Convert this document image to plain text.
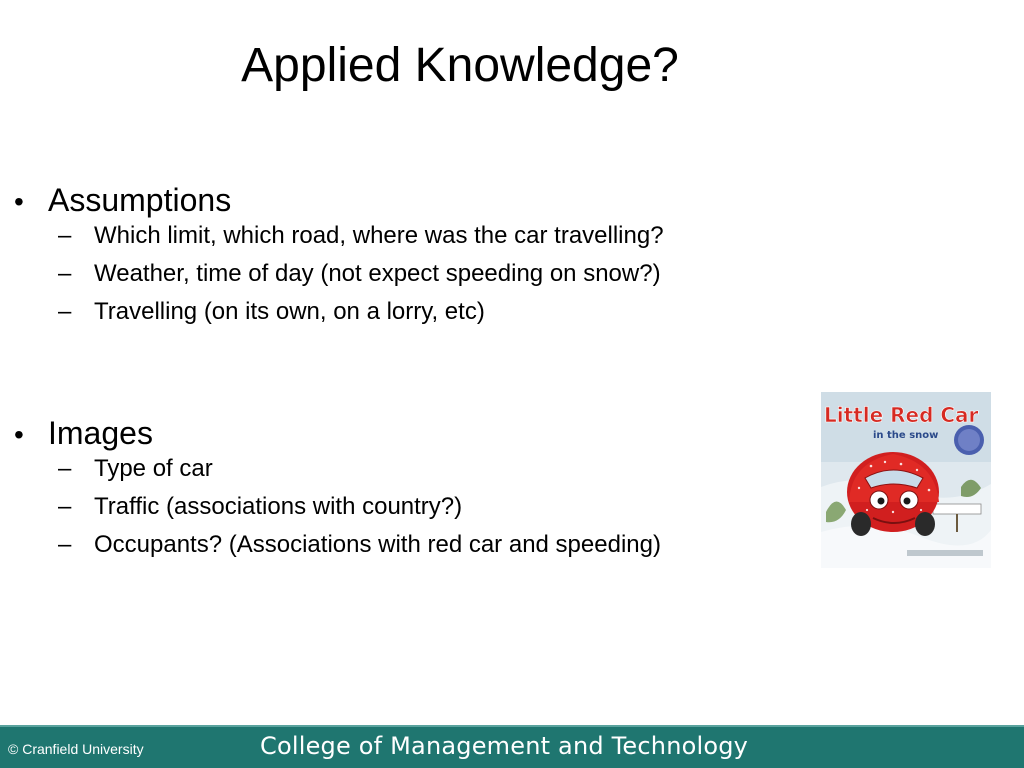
Applied Knowledge?
• Assumptions
– Which limit, which road, where was the car travelling?
– Weather, time of day (not expect speeding on snow?)
– Travelling (on its own, on a lorry, etc)
• Images
– Type of car
– Traffic (associations with country?)
– Occupants? (Associations with red car and speeding)
Little Red Car
in the snow
© Cranfield University	College of Management and Technology
